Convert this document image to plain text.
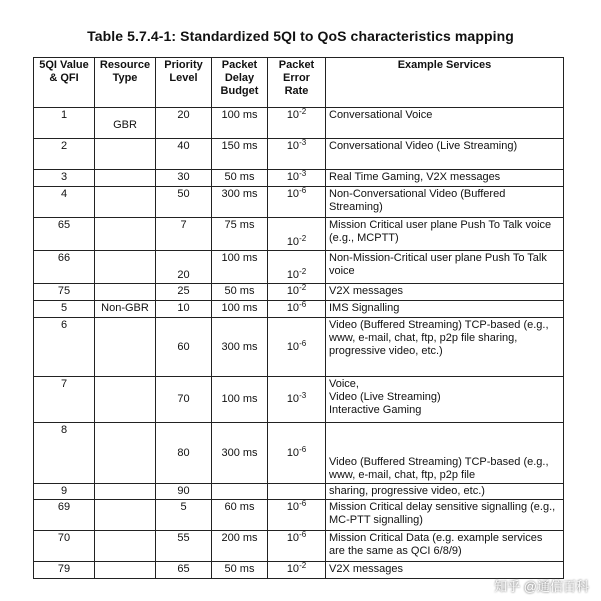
Table 5.7.4-1: Standardized 5QI to QoS characteristics mapping
5QI Value & QFI	Resource Type	Priority Level	Packet Delay Budget	Packet Error Rate	Example Services
1	GBR	20	100 ms	$10^{-2}$	Conversational Voice
2		40	150 ms	$10^{-3}$	Conversational Video (Live Streaming)
3		30	50 ms	$10^{-3}$	Real Time Gaming, V2X messages
4		50	300 ms	$10^{-6}$	Non-Conversational Video (Buffered Streaming)
65		7	75 ms	$10^{-2}$	Mission Critical user plane Push To Talk voice (e.g., MCPTT)
66		20	100 ms	$10^{-2}$	Non-Mission-Critical user plane Push To Talk voice
75		25	50 ms	$10^{-2}$	V2X messages
5	Non-GBR	10	100 ms	$10^{-6}$	IMS Signalling
6		60	300 ms	$10^{-6}$	Video (Buffered Streaming) TCP-based (e.g., www, e-mail, chat, ftp, p2p file sharing, progressive video, etc.)
7		70	100 ms	$10^{-3}$	Voice,
Video (Live Streaming)
Interactive Gaming

8		80	300 ms	$10^{-6}$	Video (Buffered Streaming) TCP-based (e.g., www, e-mail, chat, ftp, p2p file
9		90			sharing, progressive video, etc.)
69		5	60 ms	$10^{-6}$	Mission Critical delay sensitive signalling (e.g., MC-PTT signalling)
70		55	200 ms	$10^{-6}$	Mission Critical Data (e.g. example services are the same as QCI 6/8/9)
79		65	50 ms	$10^{-2}$	V2X messages
知乎 @通信百科
